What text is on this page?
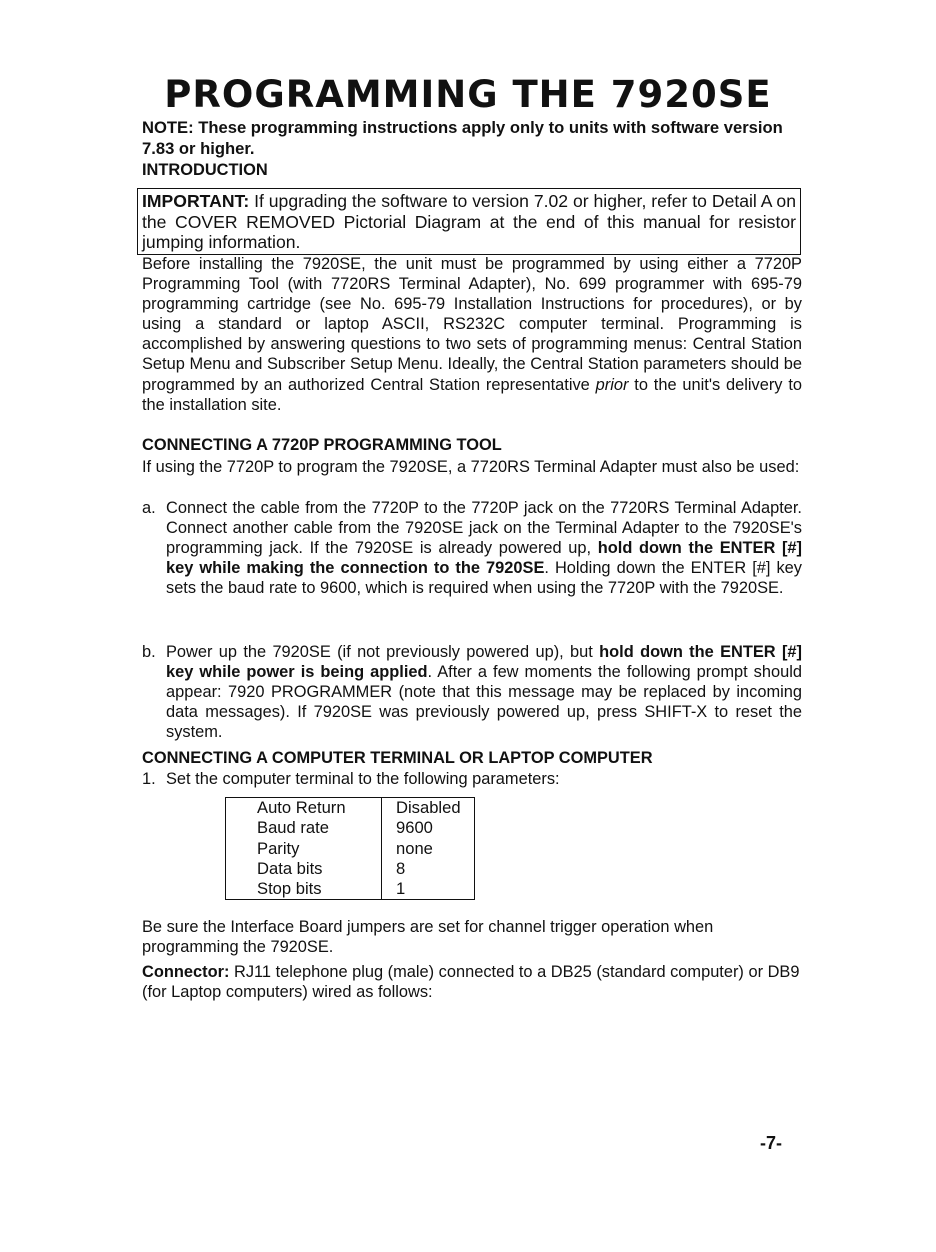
PROGRAMMING THE 7920SE
NOTE: These programming instructions apply only to units with software version 7.83 or higher.
INTRODUCTION
IMPORTANT: If upgrading the software to version 7.02 or higher, refer to Detail A on the COVER REMOVED Pictorial Diagram at the end of this manual for resistor jumping information.
Before installing the 7920SE, the unit must be programmed by using either a 7720P Programming Tool (with 7720RS Terminal Adapter), No. 699 programmer with 695-79 programming cartridge (see No. 695-79 Installation Instructions for procedures), or by using a standard or laptop ASCII, RS232C computer terminal. Programming is accomplished by answering questions to two sets of programming menus: Central Station Setup Menu and Subscriber Setup Menu. Ideally, the Central Station parameters should be programmed by an authorized Central Station representative prior to the unit's delivery to the installation site.
CONNECTING A 7720P PROGRAMMING TOOL
If using the 7720P to program the 7920SE, a 7720RS Terminal Adapter must also be used:
a. Connect the cable from the 7720P to the 7720P jack on the 7720RS Terminal Adapter. Connect another cable from the 7920SE jack on the Terminal Adapter to the 7920SE's programming jack. If the 7920SE is already powered up, hold down the ENTER [#] key while making the connection to the 7920SE. Holding down the ENTER [#] key sets the baud rate to 9600, which is required when using the 7720P with the 7920SE.
b. Power up the 7920SE (if not previously powered up), but hold down the ENTER [#] key while power is being applied. After a few moments the following prompt should appear: 7920 PROGRAMMER (note that this message may be replaced by incoming data messages). If 7920SE was previously powered up, press SHIFT-X to reset the system.
CONNECTING A COMPUTER TERMINAL OR LAPTOP COMPUTER
1. Set the computer terminal to the following parameters:
Auto Return	Disabled
Baud rate	9600
Parity	none
Data bits	8
Stop bits	1
Be sure the Interface Board jumpers are set for channel trigger operation when programming the 7920SE.
Connector: RJ11 telephone plug (male) connected to a DB25 (standard computer) or DB9 (for Laptop computers) wired as follows:
-7-
